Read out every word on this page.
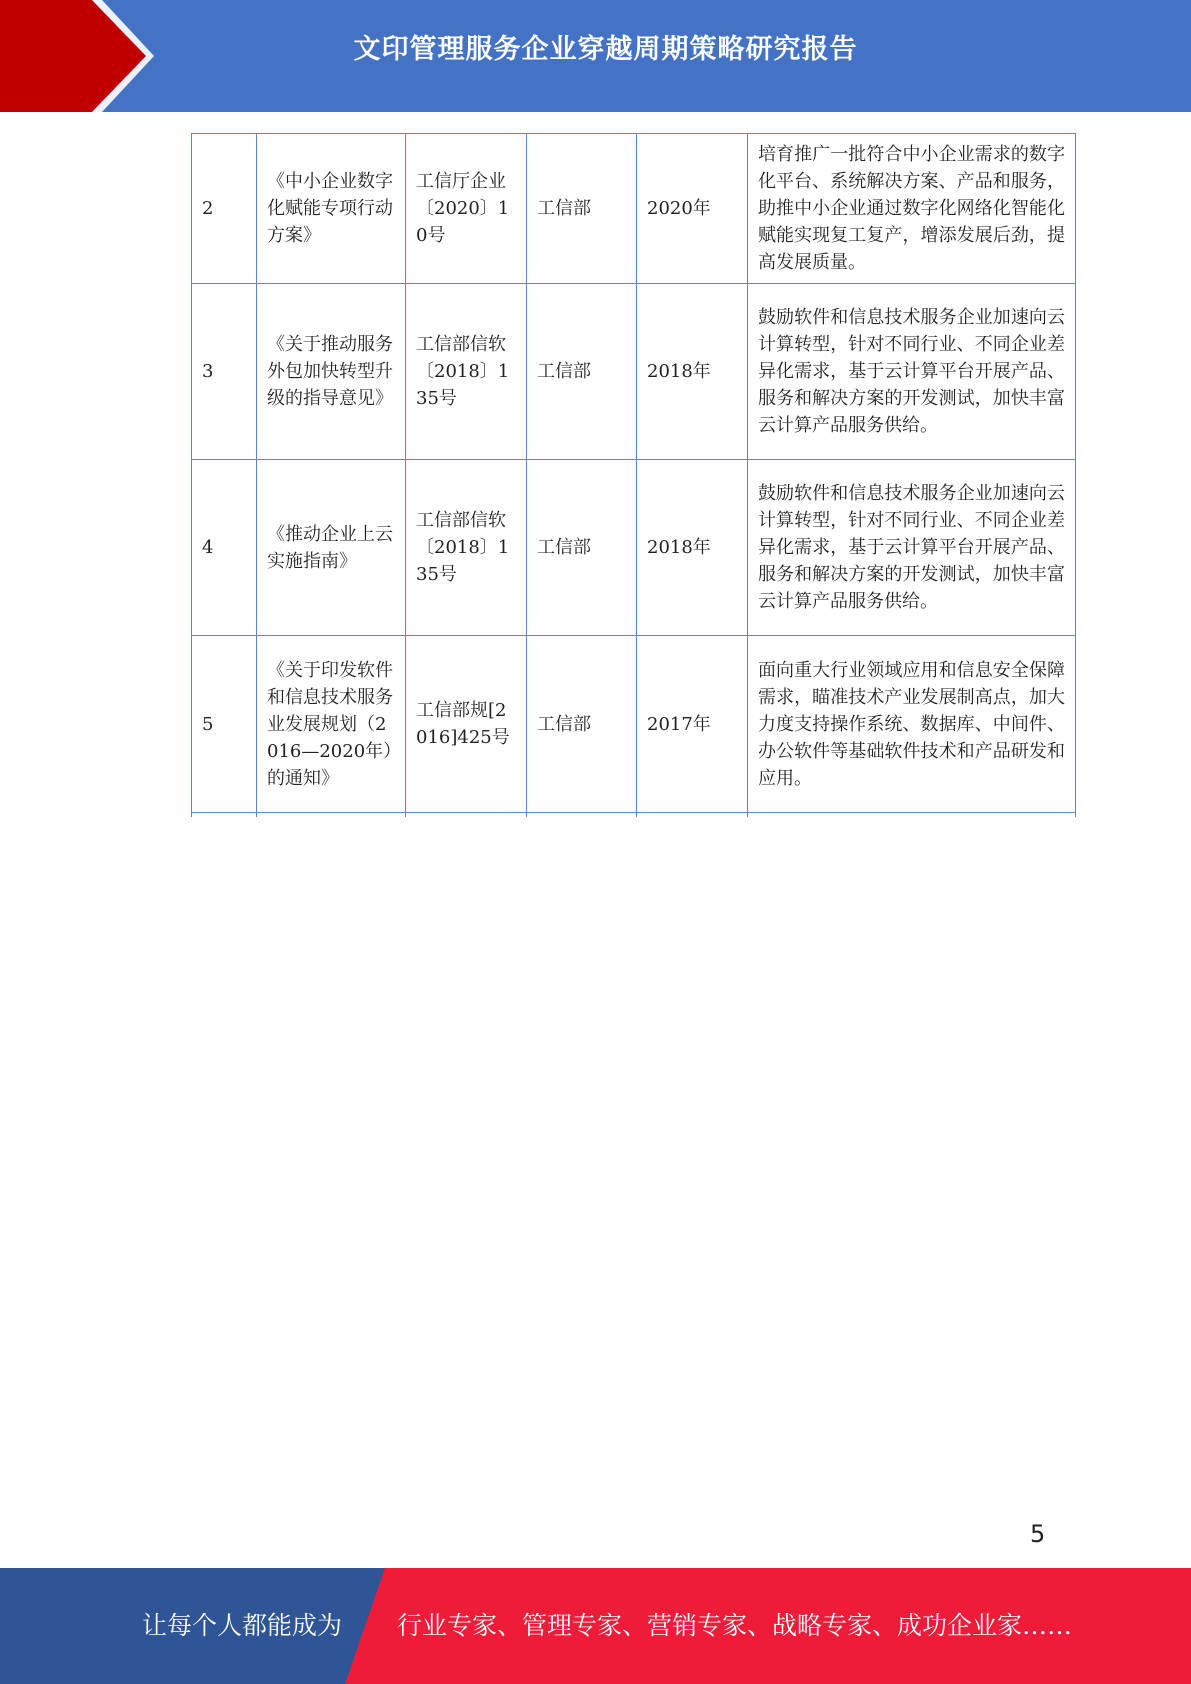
文印管理服务企业穿越周期策略研究报告
2	《中小企业数字化赋能专项行动方案》	工信厅企业〔2020〕10号	工信部	2020年	培育推广一批符合中小企业需求的数字化平台、系统解决方案、产品和服务，助推中小企业通过数字化网络化智能化赋能实现复工复产，增添发展后劲，提高发展质量。
3	《关于推动服务外包加快转型升级的指导意见》	工信部信软〔2018〕135号	工信部	2018年	鼓励软件和信息技术服务企业加速向云计算转型，针对不同行业、不同企业差异化需求，基于云计算平台开展产品、服务和解决方案的开发测试，加快丰富云计算产品服务供给。
4	《推动企业上云实施指南》	工信部信软〔2018〕135号	工信部	2018年	鼓励软件和信息技术服务企业加速向云计算转型，针对不同行业、不同企业差异化需求，基于云计算平台开展产品、服务和解决方案的开发测试，加快丰富云计算产品服务供给。
5	《关于印发软件和信息技术服务业发展规划（2016—2020年）的通知》	工信部规[2016]425号	工信部	2017年	面向重大行业领域应用和信息安全保障需求，瞄准技术产业发展制高点，加大力度支持操作系统、数据库、中间件、办公软件等基础软件技术和产品研发和应用。

5
让每个人都能成为 行业专家、管理专家、营销专家、战略专家、成功企业家……
